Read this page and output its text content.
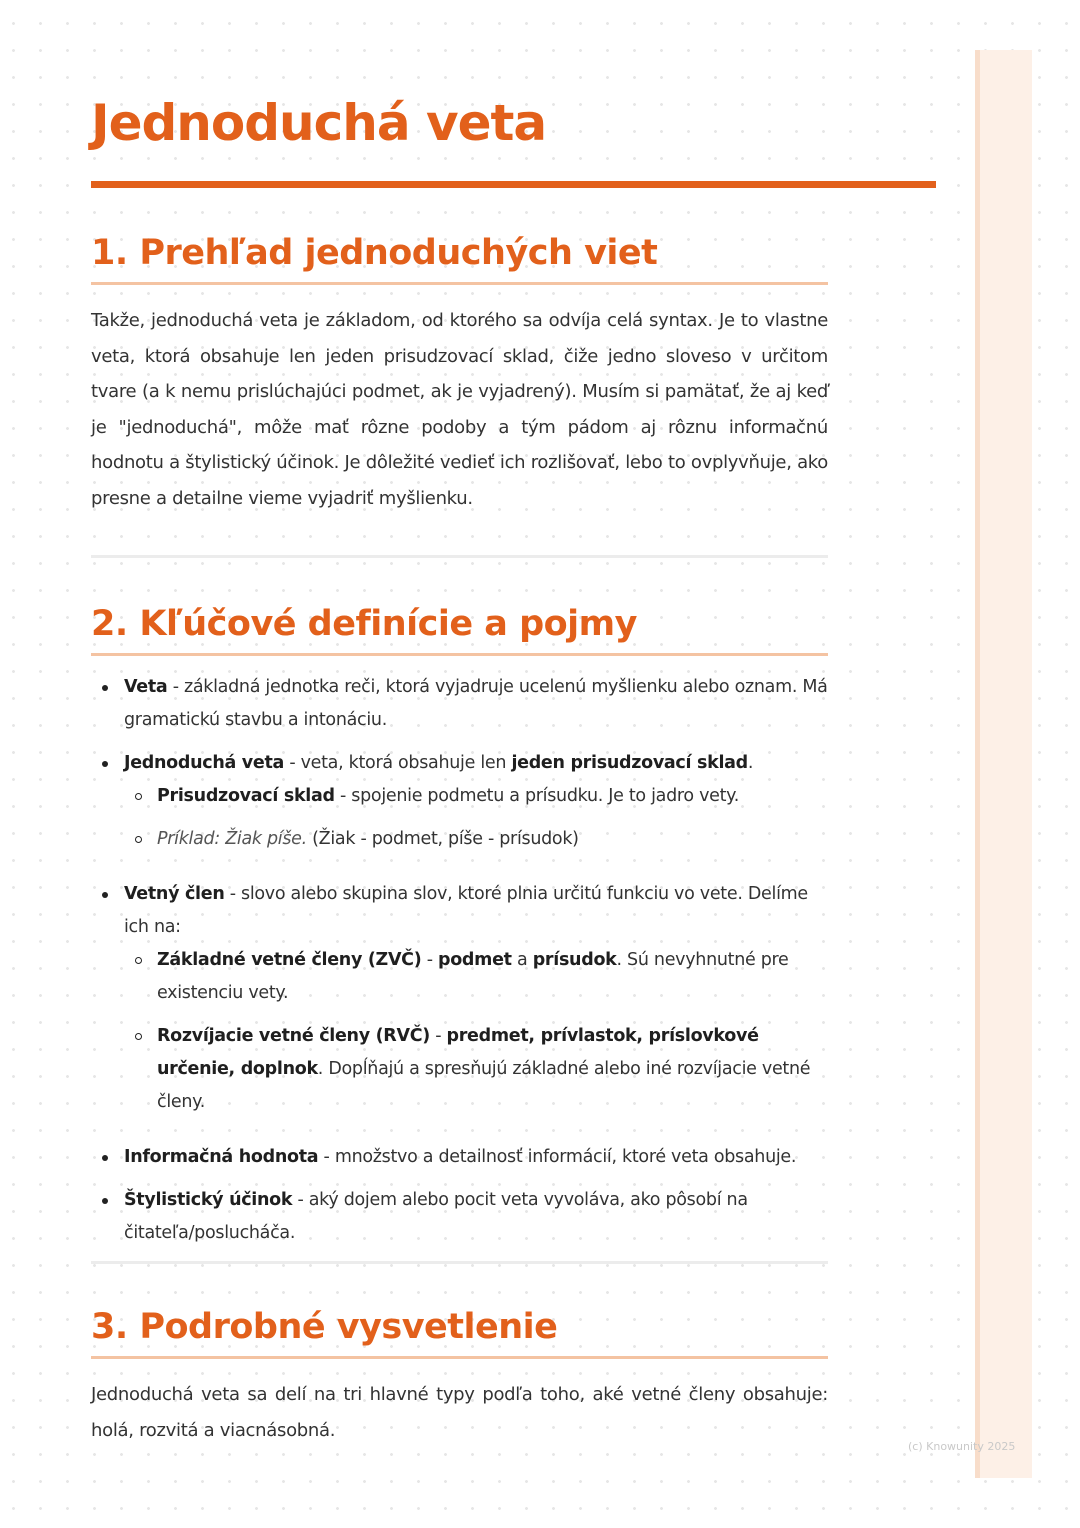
(c) Knowunity 2025
Jednoduchá veta
1. Prehľad jednoduchých viet

Takže, jednoduchá veta je základom, od ktorého sa odvíja celá syntax. Je to vlastne veta, ktorá obsahuje len jeden prisudzovací sklad, čiže jedno sloveso v určitom tvare (a k nemu prislúchajúci podmet, ak je vyjadrený). Musím si pamätať, že aj keď je "jednoduchá", môže mať rôzne podoby a tým pádom aj rôznu informačnú hodnotu a štylistický účinok. Je dôležité vedieť ich rozlišovať, lebo to ovplyvňuje, ako presne a detailne vieme vyjadriť myšlienku.

2. Kľúčové definície a pojmy
Veta - základná jednotka reči, ktorá vyjadruje ucelenú myšlienku alebo oznam. Má gramatickú stavbu a intonáciu.
Jednoduchá veta - veta, ktorá obsahuje len jeden prisudzovací sklad.
Prisudzovací sklad - spojenie podmetu a prísudku. Je to jadro vety.
Príklad: Žiak píše. (Žiak - podmet, píše - prísudok)
Vetný člen - slovo alebo skupina slov, ktoré plnia určitú funkciu vo vete. Delíme ich na:
Základné vetné členy (ZVČ) - podmet a prísudok. Sú nevyhnutné pre existenciu vety.
Rozvíjacie vetné členy (RVČ) - predmet, prívlastok, príslovkové určenie, doplnok. Dopĺňajú a spresňujú základné alebo iné rozvíjacie vetné členy.
Informačná hodnota - množstvo a detailnosť informácií, ktoré veta obsahuje.
Štylistický účinok - aký dojem alebo pocit veta vyvoláva, ako pôsobí na čitateľa/poslucháča.
3. Podrobné vysvetlenie

Jednoduchá veta sa delí na tri hlavné typy podľa toho, aké vetné členy obsahuje: holá, rozvitá a viacnásobná.
